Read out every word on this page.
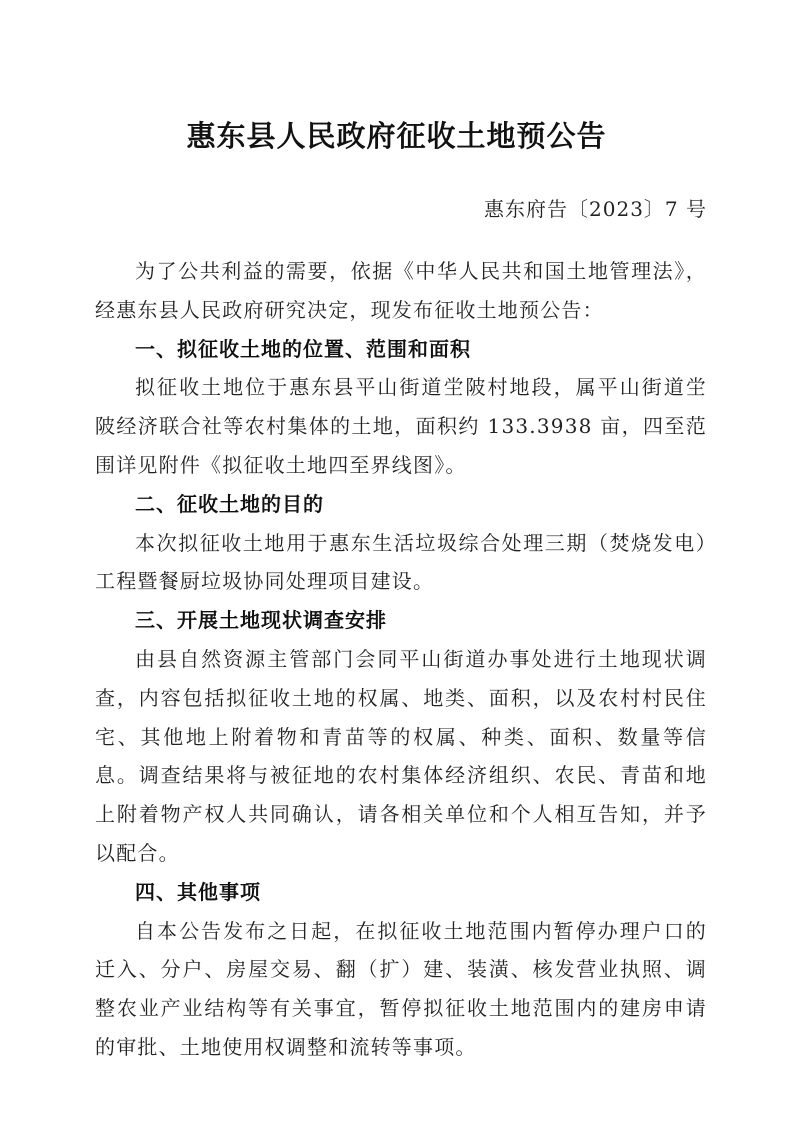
惠东县人民政府征收土地预公告
惠东府告〔2023〕7 号

为了公共利益的需要，依据《中华人民共和国土地管理法》，经惠东县人民政府研究决定，现发布征收土地预公告：

一、拟征收土地的位置、范围和面积

拟征收土地位于惠东县平山街道坣陂村地段，属平山街道坣陂经济联合社等农村集体的土地，面积约 133.3938 亩，四至范围详见附件《拟征收土地四至界线图》。

二、征收土地的目的

本次拟征收土地用于惠东生活垃圾综合处理三期（焚烧发电）工程暨餐厨垃圾协同处理项目建设。

三、开展土地现状调查安排

由县自然资源主管部门会同平山街道办事处进行土地现状调查，内容包括拟征收土地的权属、地类、面积，以及农村村民住宅、其他地上附着物和青苗等的权属、种类、面积、数量等信息。调查结果将与被征地的农村集体经济组织、农民、青苗和地上附着物产权人共同确认，请各相关单位和个人相互告知，并予以配合。

四、其他事项

自本公告发布之日起，在拟征收土地范围内暂停办理户口的迁入、分户、房屋交易、翻（扩）建、装潢、核发营业执照、调整农业产业结构等有关事宜，暂停拟征收土地范围内的建房申请的审批、土地使用权调整和流转等事项。
